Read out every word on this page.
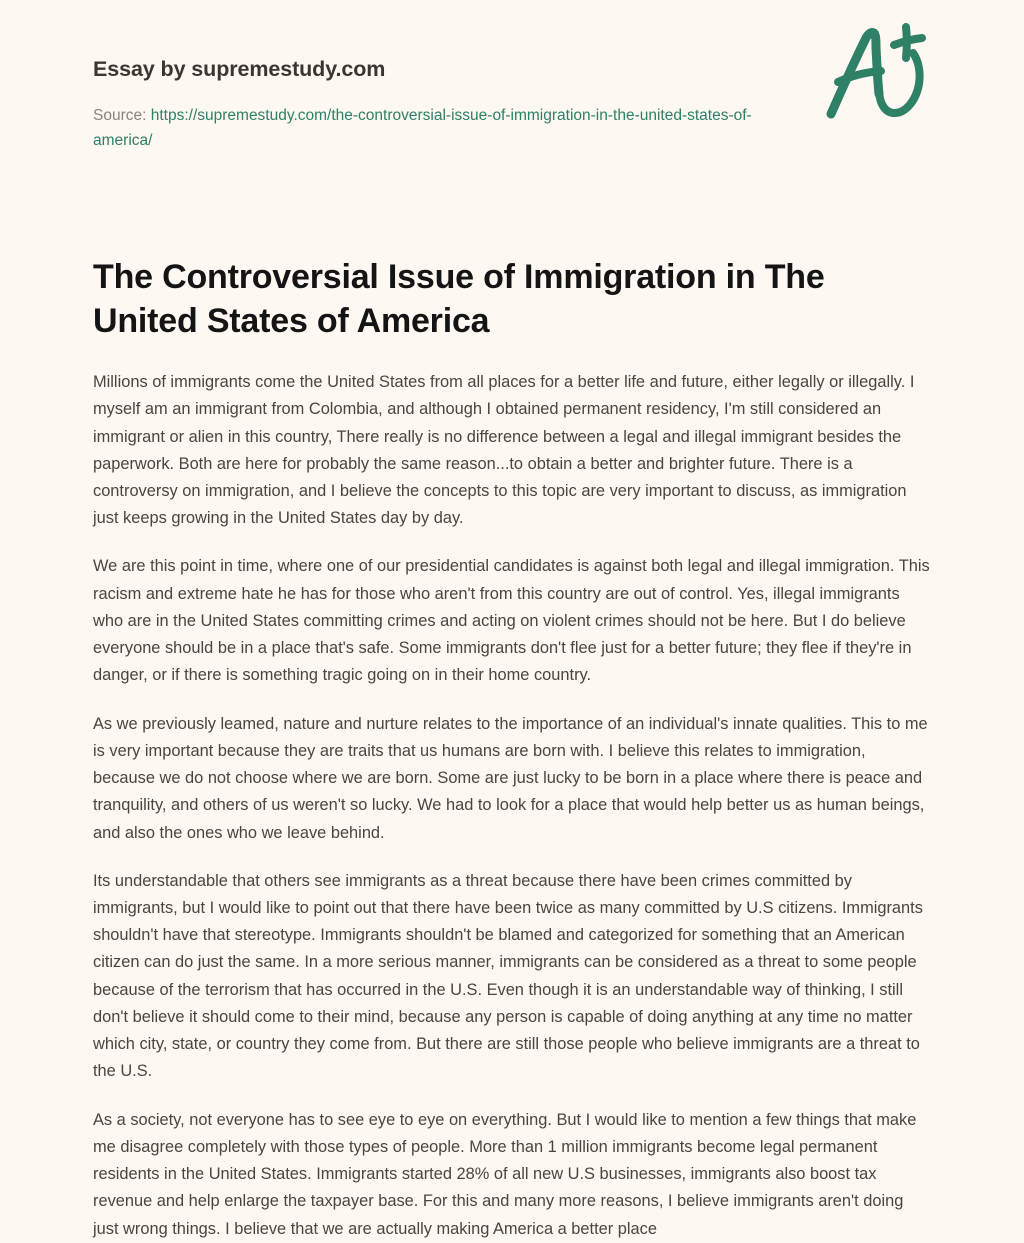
Essay by supremestudy.com
Source: https://supremestudy.com/the-controversial-issue-of-immigration-in-the-united-states-of-america/
The Controversial Issue of Immigration in The United States of America

Millions of immigrants come the United States from all places for a better life and future, either legally or illegally. I myself am an immigrant from Colombia, and although I obtained permanent residency, I'm still considered an immigrant or alien in this country, There really is no difference between a legal and illegal immigrant besides the paperwork. Both are here for probably the same reason...to obtain a better and brighter future. There is a controversy on immigration, and I believe the concepts to this topic are very important to discuss, as immigration just keeps growing in the United States day by day.

We are this point in time, where one of our presidential candidates is against both legal and illegal immigration. This racism and extreme hate he has for those who aren't from this country are out of control. Yes, illegal immigrants who are in the United States committing crimes and acting on violent crimes should not be here. But I do believe everyone should be in a place that's safe. Some immigrants don't flee just for a better future; they flee if they're in danger, or if there is something tragic going on in their home country.

As we previously leamed, nature and nurture relates to the importance of an individual's innate qualities. This to me is very important because they are traits that us humans are born with. I believe this relates to immigration, because we do not choose where we are born. Some are just lucky to be born in a place where there is peace and tranquility, and others of us weren't so lucky. We had to look for a place that would help better us as human beings, and also the ones who we leave behind.

Its understandable that others see immigrants as a threat because there have been crimes committed by immigrants, but I would like to point out that there have been twice as many committed by U.S citizens. Immigrants shouldn't have that stereotype. Immigrants shouldn't be blamed and categorized for something that an American citizen can do just the same. In a more serious manner, immigrants can be considered as a threat to some people because of the terrorism that has occurred in the U.S. Even though it is an understandable way of thinking, I still don't believe it should come to their mind, because any person is capable of doing anything at any time no matter which city, state, or country they come from. But there are still those people who believe immigrants are a threat to the U.S.

As a society, not everyone has to see eye to eye on everything. But I would like to mention a few things that make me disagree completely with those types of people. More than 1 million immigrants become legal permanent residents in the United States. Immigrants started 28% of all new U.S businesses, immigrants also boost tax revenue and help enlarge the taxpayer base. For this and many more reasons, I believe immigrants aren't doing just wrong things. I believe that we are actually making America a better place
